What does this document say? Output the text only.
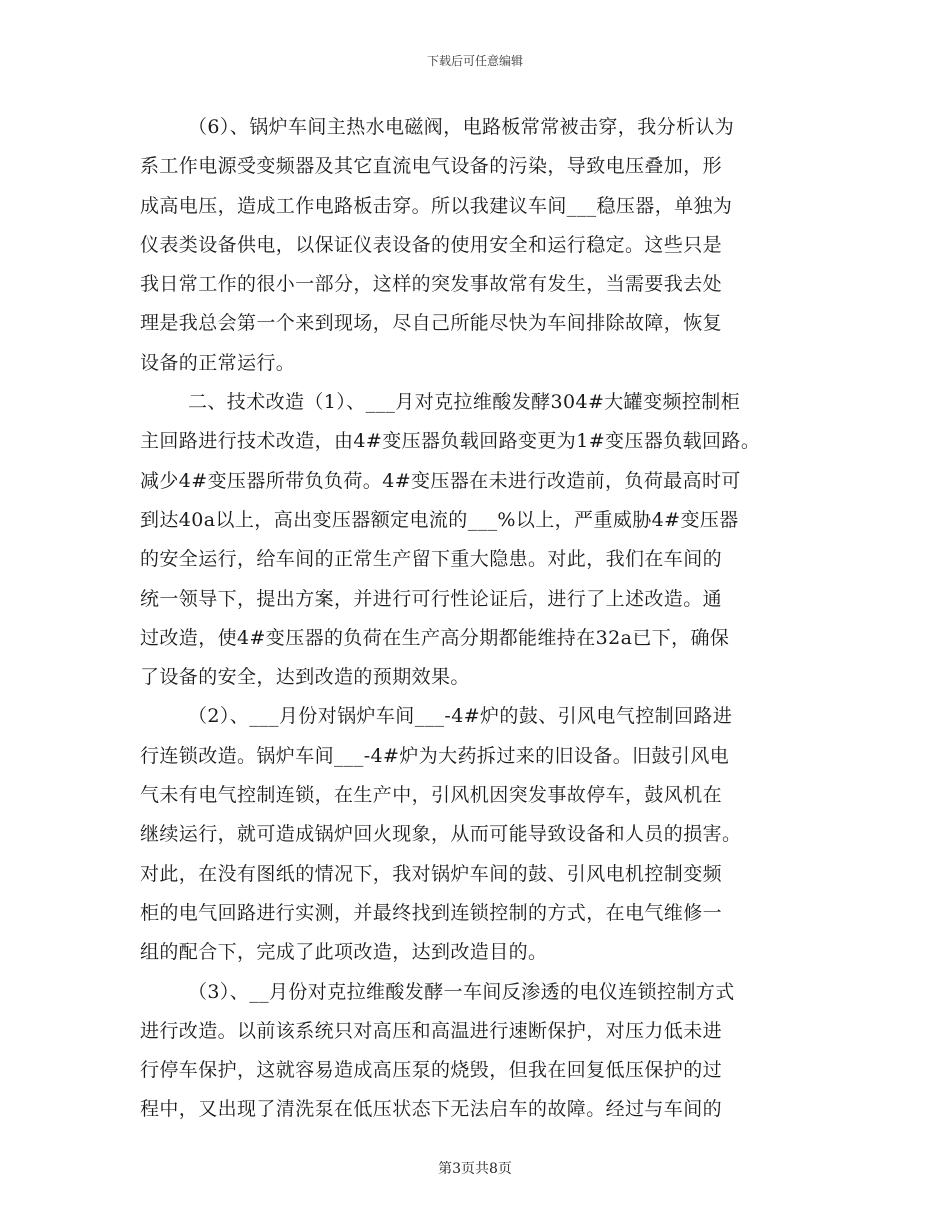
下载后可任意编辑
（6）、锅炉车间主热水电磁阀，电路板常常被击穿，我分析认为
系工作电源受变频器及其它直流电气设备的污染，导致电压叠加，形
成高电压，造成工作电路板击穿。所以我建议车间___稳压器，单独为
仪表类设备供电，以保证仪表设备的使用安全和运行稳定。这些只是
我日常工作的很小一部分，这样的突发事故常有发生，当需要我去处
理是我总会第一个来到现场，尽自己所能尽快为车间排除故障，恢复
设备的正常运行。
二、技术改造（1）、___月对克拉维酸发酵304#大罐变频控制柜
主回路进行技术改造，由4#变压器负载回路变更为1#变压器负载回路。
减少4#变压器所带负负荷。4#变压器在未进行改造前，负荷最高时可
到达40a以上，高出变压器额定电流的___%以上，严重威胁4#变压器
的安全运行，给车间的正常生产留下重大隐患。对此，我们在车间的
统一领导下，提出方案，并进行可行性论证后，进行了上述改造。通
过改造，使4#变压器的负荷在生产高分期都能维持在32a已下，确保
了设备的安全，达到改造的预期效果。
（2）、___月份对锅炉车间___-4#炉的鼓、引风电气控制回路进
行连锁改造。锅炉车间___-4#炉为大药拆过来的旧设备。旧鼓引风电
气未有电气控制连锁，在生产中，引风机因突发事故停车，鼓风机在
继续运行，就可造成锅炉回火现象，从而可能导致设备和人员的损害。
对此，在没有图纸的情况下，我对锅炉车间的鼓、引风电机控制变频
柜的电气回路进行实测，并最终找到连锁控制的方式，在电气维修一
组的配合下，完成了此项改造，达到改造目的。
（3）、__月份对克拉维酸发酵一车间反渗透的电仪连锁控制方式
进行改造。以前该系统只对高压和高温进行速断保护，对压力低未进
行停车保护，这就容易造成高压泵的烧毁，但我在回复低压保护的过
程中，又出现了清洗泵在低压状态下无法启车的故障。经过与车间的
第3页共8页
